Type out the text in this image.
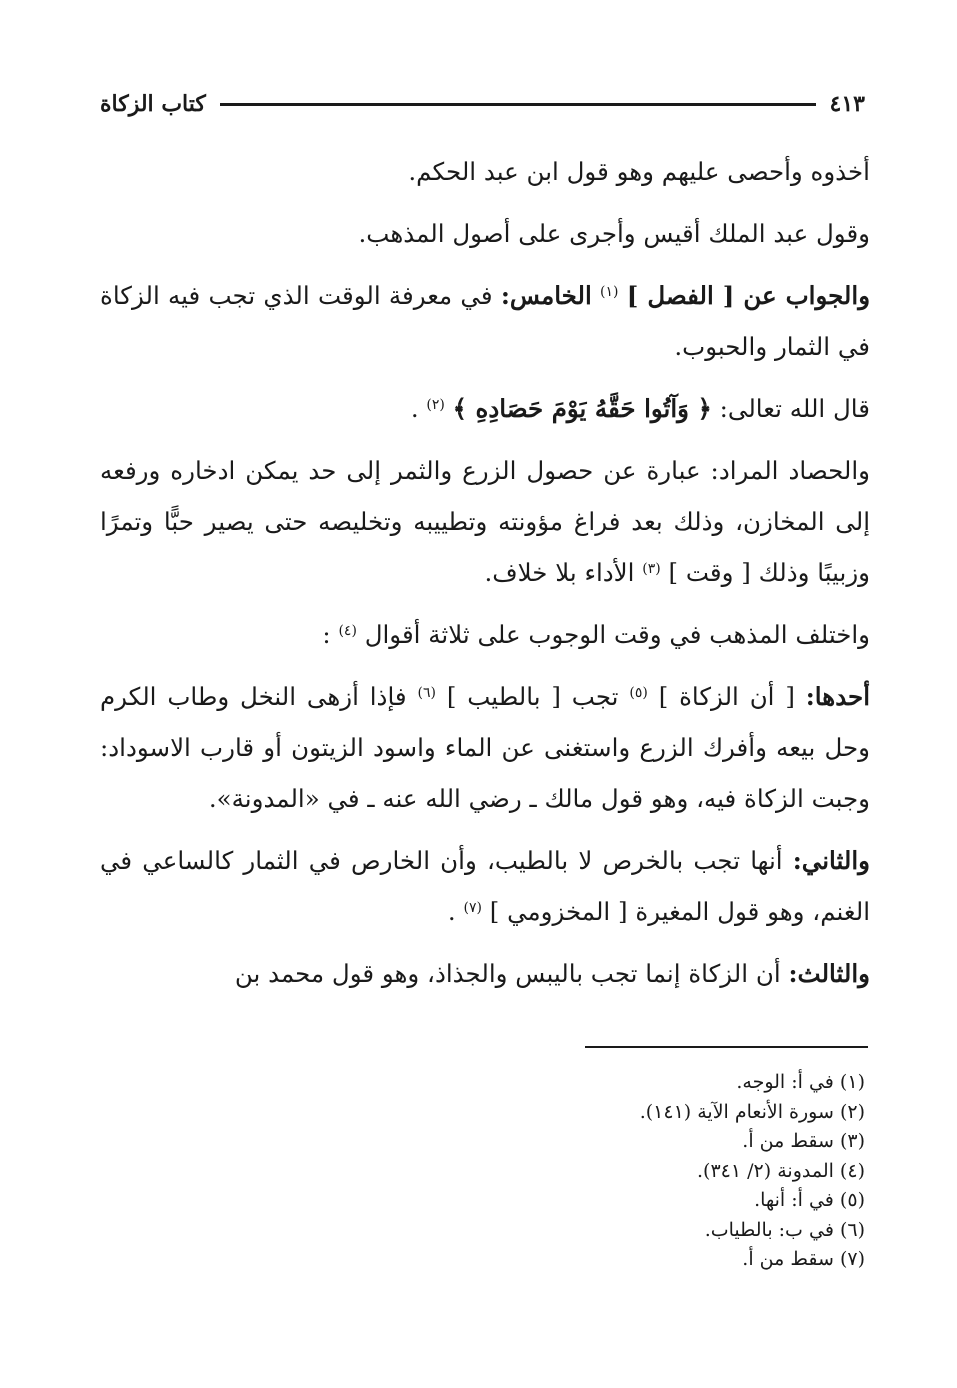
كتاب الزكاة	٤١٣

أخذوه وأحصى عليهم وهو قول ابن عبد الحكم.

وقول عبد الملك أقيس وأجرى على أصول المذهب.

والجواب عن [ الفصل ] $^{(١)}$ الخامس: في معرفة الوقت الذي تجب فيه الزكاة في الثمار والحبوب.

قال الله تعالى: ﴿ وَآتُوا حَقَّهُ يَوْمَ حَصَادِهِ ﴾ $^{(٢)}$ .

والحصاد المراد: عبارة عن حصول الزرع والثمر إلى حد يمكن ادخاره ورفعه إلى المخازن، وذلك بعد فراغ مؤونته وتطييبه وتخليصه حتى يصير حبًّا وتمرًا وزبيبًا وذلك [ وقت ] $^{(٣)}$ الأداء بلا خلاف.

واختلف المذهب في وقت الوجوب على ثلاثة أقوال $^{(٤)}$ :

أحدها: [ أن الزكاة ] $^{(٥)}$ تجب [ بالطيب ] $^{(٦)}$ فإذا أزهى النخل وطاب الكرم وحل بيعه وأفرك الزرع واستغنى عن الماء واسود الزيتون أو قارب الاسوداد: وجبت الزكاة فيه، وهو قول مالك ـ رضي الله عنه ـ في «المدونة».

والثاني: أنها تجب بالخرص لا بالطيب، وأن الخارص في الثمار كالساعي في الغنم، وهو قول المغيرة [ المخزومي ] $^{(٧)}$ .

والثالث: أن الزكاة إنما تجب باليبس والجذاذ، وهو قول محمد بن

(١) في أ: الوجه.
(٢) سورة الأنعام الآية (١٤١).
(٣) سقط من أ.
(٤) المدونة (٢/ ٣٤١).
(٥) في أ: أنها.
(٦) في ب: بالطياب.
(٧) سقط من أ.
